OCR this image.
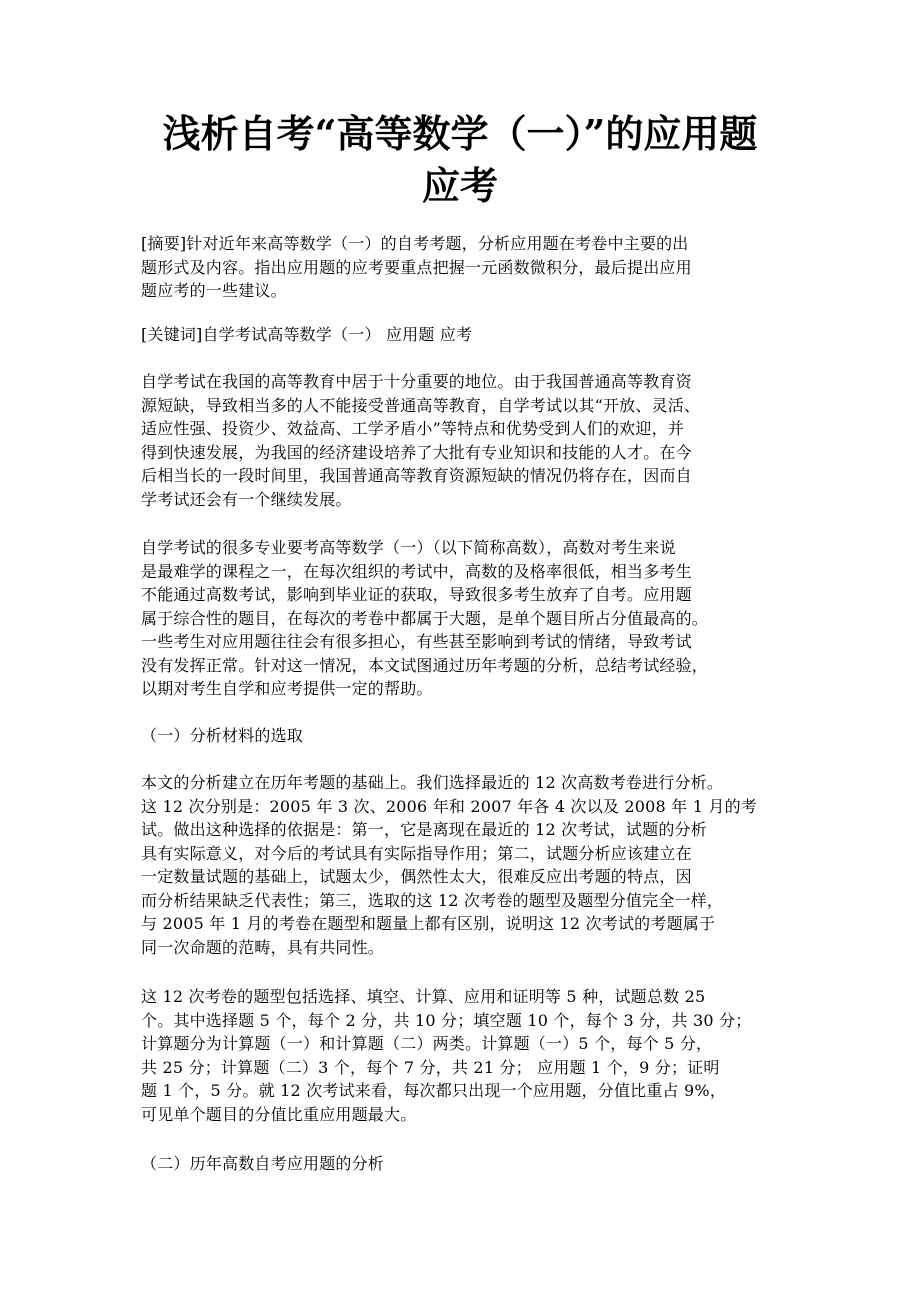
浅析自考“高等数学（一）”的应用题
应考

[摘要]针对近年来高等数学（一）的自考考题，分析应用题在考卷中主要的出
题形式及内容。指出应用题的应考要重点把握一元函数微积分，最后提出应用
题应考的一些建议。

[关键词]自学考试高等数学（一） 应用题 应考

自学考试在我国的高等教育中居于十分重要的地位。由于我国普通高等教育资
源短缺，导致相当多的人不能接受普通高等教育，自学考试以其“开放、灵活、
适应性强、投资少、效益高、工学矛盾小”等特点和优势受到人们的欢迎，并
得到快速发展，为我国的经济建设培养了大批有专业知识和技能的人才。在今
后相当长的一段时间里，我国普通高等教育资源短缺的情况仍将存在，因而自
学考试还会有一个继续发展。

自学考试的很多专业要考高等数学（一）（以下简称高数），高数对考生来说
是最难学的课程之一，在每次组织的考试中，高数的及格率很低，相当多考生
不能通过高数考试，影响到毕业证的获取，导致很多考生放弃了自考。应用题
属于综合性的题目，在每次的考卷中都属于大题，是单个题目所占分值最高的。
一些考生对应用题往往会有很多担心，有些甚至影响到考试的情绪，导致考试
没有发挥正常。针对这一情况，本文试图通过历年考题的分析，总结考试经验，
以期对考生自学和应考提供一定的帮助。

（一）分析材料的选取

本文的分析建立在历年考题的基础上。我们选择最近的 12 次高数考卷进行分析。
这 12 次分别是：2005 年 3 次、2006 年和 2007 年各 4 次以及 2008 年 1 月的考
试。做出这种选择的依据是：第一，它是离现在最近的 12 次考试，试题的分析
具有实际意义，对今后的考试具有实际指导作用；第二，试题分析应该建立在
一定数量试题的基础上，试题太少，偶然性太大，很难反应出考题的特点，因
而分析结果缺乏代表性；第三，选取的这 12 次考卷的题型及题型分值完全一样，
与 2005 年 1 月的考卷在题型和题量上都有区别，说明这 12 次考试的考题属于
同一次命题的范畴，具有共同性。

这 12 次考卷的题型包括选择、填空、计算、应用和证明等 5 种，试题总数 25
个。其中选择题 5 个，每个 2 分，共 10 分；填空题 10 个，每个 3 分，共 30 分；
计算题分为计算题（一）和计算题（二）两类。计算题（一）5 个，每个 5 分，
共 25 分；计算题（二）3 个，每个 7 分，共 21 分； 应用题 1 个，9 分；证明
题 1 个，5 分。就 12 次考试来看，每次都只出现一个应用题，分值比重占 9%，
可见单个题目的分值比重应用题最大。

（二）历年高数自考应用题的分析
